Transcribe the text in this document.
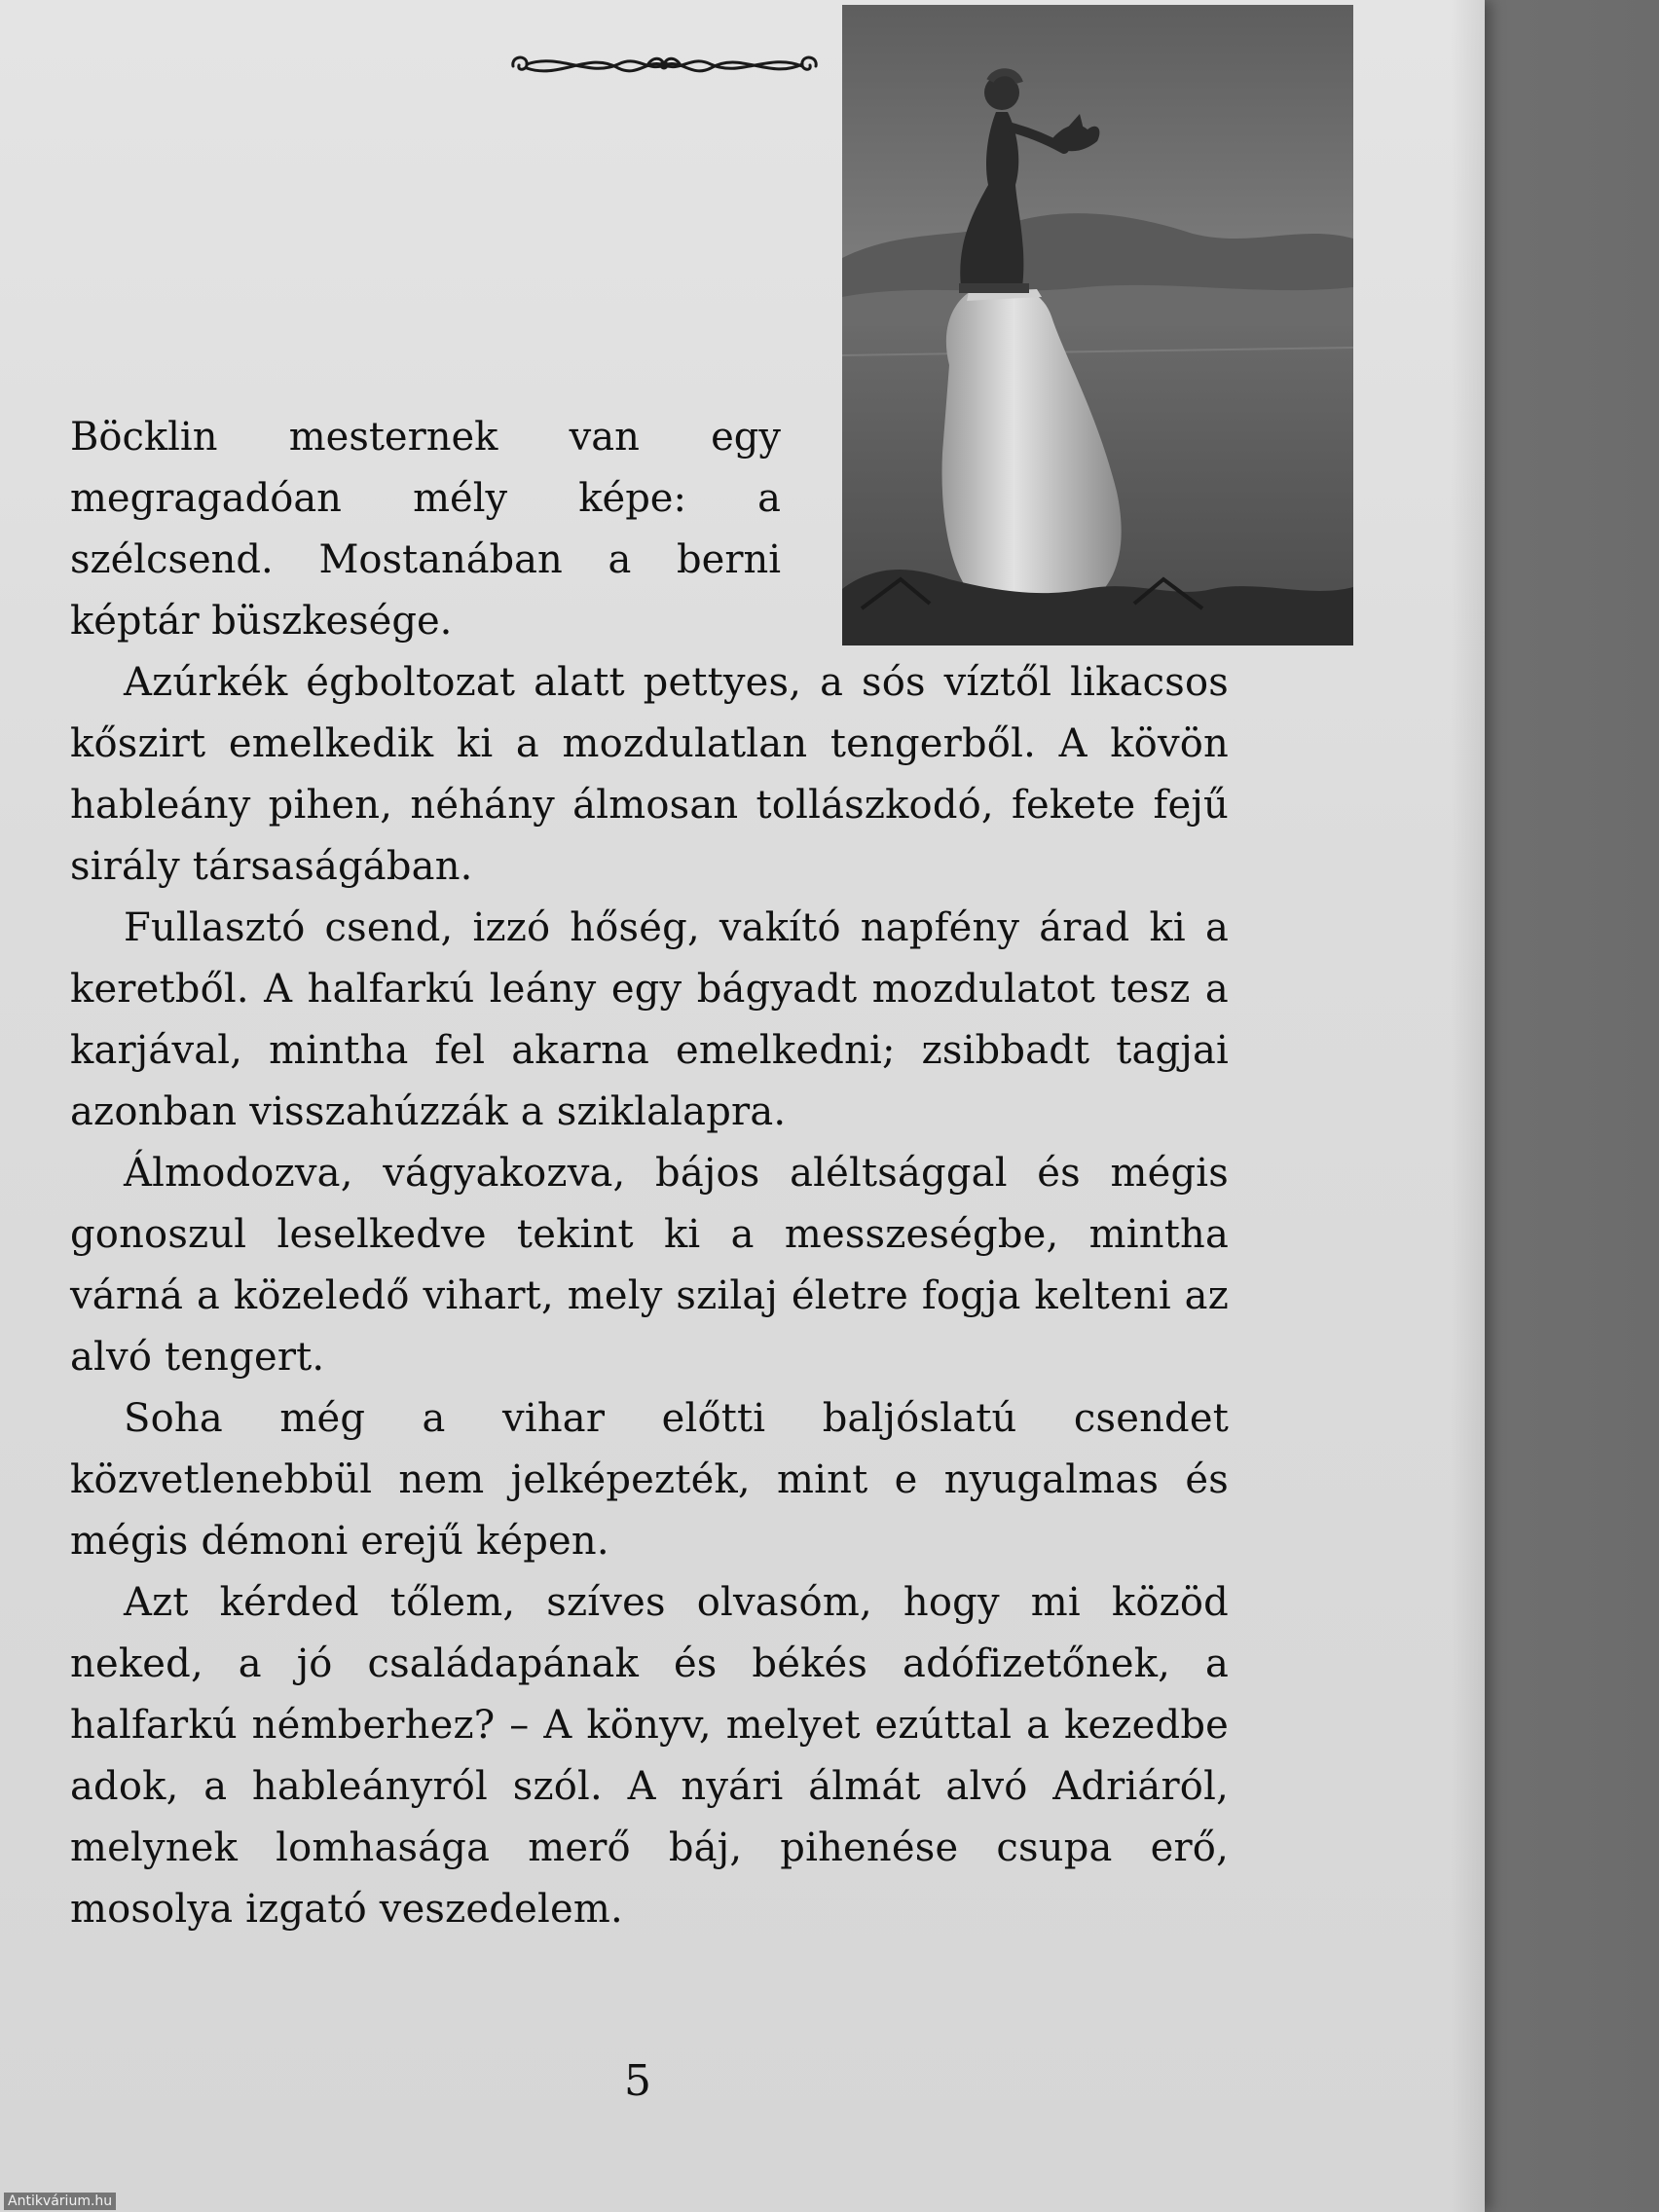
Böcklin mesternek van egy megragadóan mély képe: a szélcsend. Mostanában a berni képtár büszkesége.

Azúrkék égboltozat alatt pettyes, a sós víztől likacsos kőszirt emelkedik ki a mozdulatlan tengerből. A kövön hableány pihen, néhány álmosan tollászkodó, fekete fejű sirály társaságában.

Fullasztó csend, izzó hőség, vakító napfény árad ki a keretből. A halfarkú leány egy bágyadt mozdulatot tesz a karjával, mintha fel akarna emelkedni; zsibbadt tagjai azonban visszahúzzák a sziklalapra.

Álmodozva, vágyakozva, bájos aléltsággal és mégis gonoszul leselkedve tekint ki a messzeségbe, mintha várná a közeledő vihart, mely szilaj életre fogja kelteni az alvó tengert.

Soha még a vihar előtti baljóslatú csendet közvetlenebbül nem jelképezték, mint e nyugalmas és mégis démoni erejű képen.

Azt kérded tőlem, szíves olvasóm, hogy mi közöd neked, a jó családapának és békés adófizetőnek, a halfarkú némberhez? – A könyv, melyet ezúttal a kezedbe adok, a hableányról szól. A nyári álmát alvó Adriáról, melynek lomhasága merő báj, pihenése csupa erő, mosolya izgató veszedelem.

5
Antikvárium.hu
